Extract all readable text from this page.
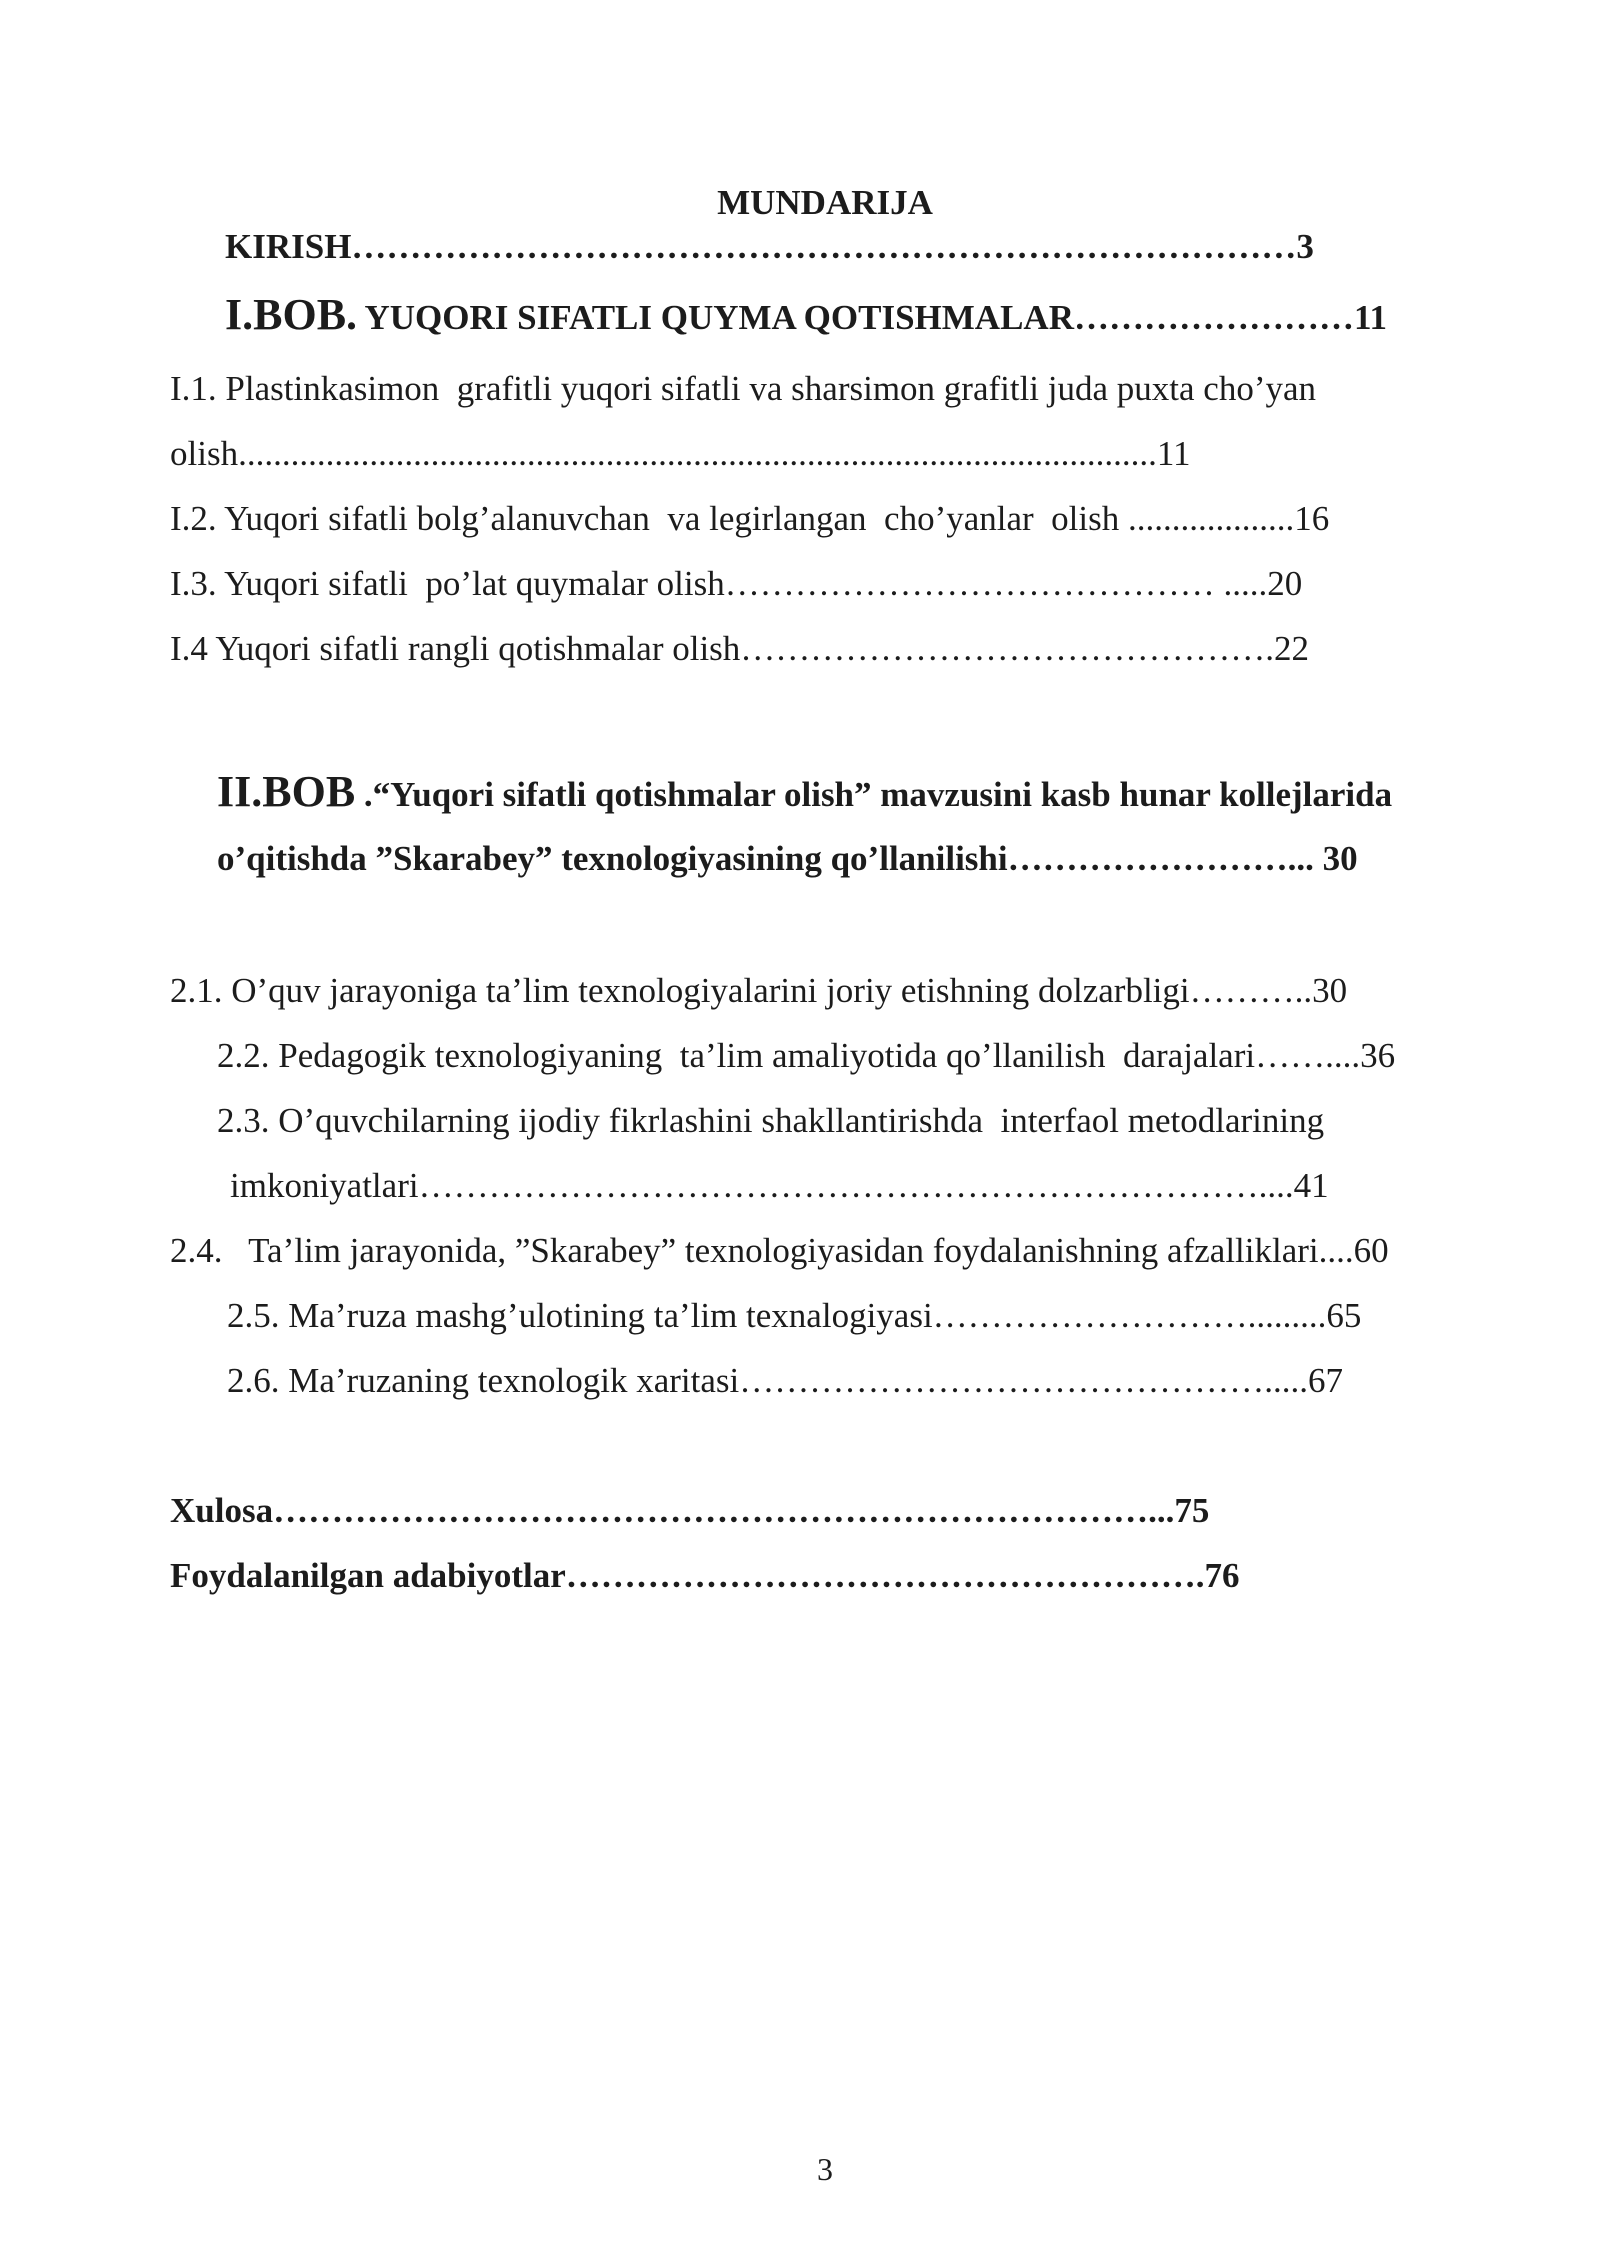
MUNDARIJA

KIRISH………………………………………………………………………3

I.BOB. YUQORI SIFATLI QUYMA QOTISHMALAR……………………11

I.1. Plastinkasimon  grafitli yuqori sifatli va sharsimon grafitli juda puxta cho’yan

olish.........................................................................................................11

I.2. Yuqori sifatli bolg’alanuvchan  va legirlangan  cho’yanlar  olish ...................16

I.3. Yuqori sifatli  po’lat quymalar olish…………………………………… .....20

I.4 Yuqori sifatli rangli qotishmalar olish……………………………………….22

II.BOB .“Yuqori sifatli qotishmalar olish” mavzusini kasb hunar kollejlarida

o’qitishda ”Skarabey” texnologiyasining qo’llanilishi……………………... 30

2.1. O’quv jarayoniga ta’lim texnologiyalarini joriy etishning dolzarbligi………..30

2.2. Pedagogik texnologiyaning  ta’lim amaliyotida qo’llanilish  darajalari……....36

2.3. O’quvchilarning ijodiy fikrlashini shakllantirishda  interfaol metodlarining

imkoniyatlari………………………………………………………………....41

2.4.   Ta’lim jarayonida, ”Skarabey” texnologiyasidan foydalanishning afzalliklari....60

2.5. Ma’ruza mashg’ulotining ta’lim texnalogiyasi……………………….........65

2.6. Ma’ruzaning texnologik xaritasi……………………………………….....67

Xulosa…………………………………………………………………...75

Foydalanilgan adabiyotlar……………………………………………….76

3
